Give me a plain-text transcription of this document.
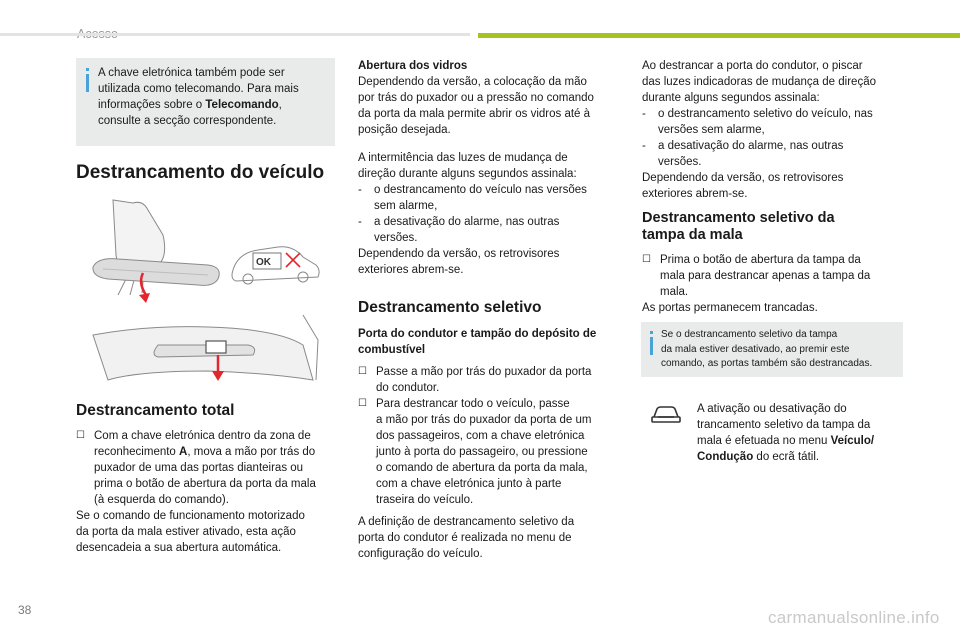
A chave eletrónica também pode ser
utilizada como telecomando. Para mais
informações sobre o Telecomando,
consulte a secção correspondente.
Destrancamento do veículo
OK
Destrancamento total
☐ Com a chave eletrónica dentro da zona de
reconhecimento A, mova a mão por trás do
puxador de uma das portas dianteiras ou
prima o botão de abertura da porta da mala
(à esquerda do comando).
Se o comando de funcionamento motorizado
da porta da mala estiver ativado, esta ação
desencadeia a sua abertura automática.
Abertura dos vidros
Dependendo da versão, a colocação da mão
por trás do puxador ou a pressão no comando
da porta da mala permite abrir os vidros até à
posição desejada.
A intermitência das luzes de mudança de
direção durante alguns segundos assinala:
- o destrancamento do veículo nas versões
sem alarme,
- a desativação do alarme, nas outras
versões.
Dependendo da versão, os retrovisores
exteriores abrem-se.
Destrancamento seletivo
Porta do condutor e tampão do depósito de
combustível
☐ Passe a mão por trás do puxador da porta
do condutor.
☐ Para destrancar todo o veículo, passe
a mão por trás do puxador da porta de um
dos passageiros, com a chave eletrónica
junto à porta do passageiro, ou pressione
o comando de abertura da porta da mala,
com a chave eletrónica junto à parte
traseira do veículo.
A definição de destrancamento seletivo da
porta do condutor é realizada no menu de
configuração do veículo.
Ao destrancar a porta do condutor, o piscar
das luzes indicadoras de mudança de direção
durante alguns segundos assinala:
- o destrancamento seletivo do veículo, nas
versões sem alarme,
- a desativação do alarme, nas outras
versões.
Dependendo da versão, os retrovisores
exteriores abrem-se.
Destrancamento seletivo da
tampa da mala
☐ Prima o botão de abertura da tampa da
mala para destrancar apenas a tampa da
mala.
As portas permanecem trancadas.
Se o destrancamento seletivo da tampa
da mala estiver desativado, ao premir este
comando, as portas também são destrancadas.
A ativação ou desativação do
trancamento seletivo da tampa da
mala é efetuada no menu Veículo/
Condução do ecrã tátil.
38	carmanualsonline.info
